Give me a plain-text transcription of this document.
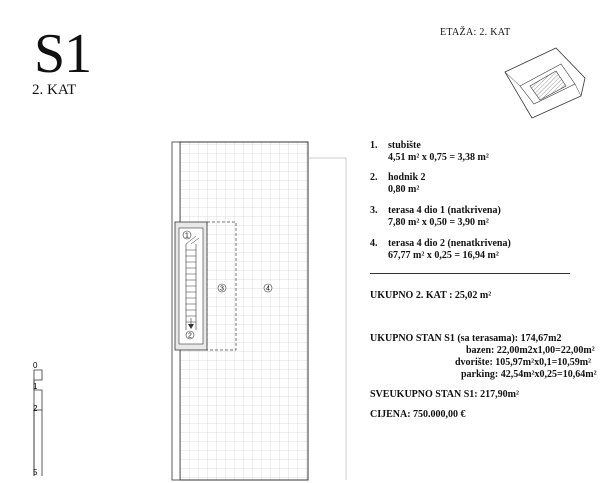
S1
2. KAT
ETAŽA: 2. KAT
1
2
3	4
0
1
2
5
1. stubište
4,51 m² x 0,75 = 3,38 m²
2. hodnik 2
0,80 m²
3. terasa 4 dio 1 (natkrivena)
7,80 m² x 0,50 = 3,90 m²
4. terasa 4 dio 2 (nenatkrivena)
67,77 m² x 0,25 = 16,94 m²
UKUPNO 2. KAT : 25,02 m²
UKUPNO STAN S1 (sa terasama): 174,67m2
bazen: 22,00m2x1,00=22,00m²
dvorište: 105,97m²x0,1=10,59m²
parking: 42,54m²x0,25=10,64m²
SVEUKUPNO STAN S1: 217,90m²
CIJENA: 750.000,00 €
